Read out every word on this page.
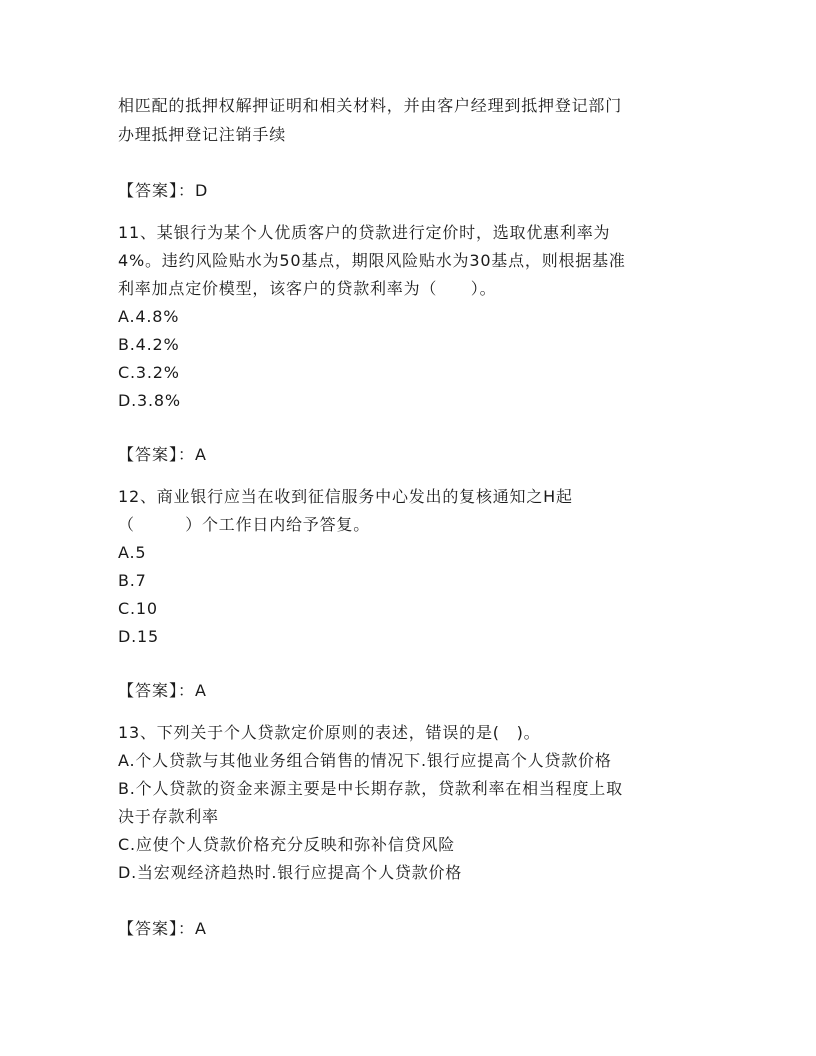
相匹配的抵押权解押证明和相关材料，并由客户经理到抵押登记部门
办理抵押登记注销手续
【答案】：D
11、某银行为某个人优质客户的贷款进行定价时，选取优惠利率为
4%。违约风险贴水为50基点，期限风险贴水为30基点，则根据基准
利率加点定价模型，该客户的贷款利率为（　　）。
A.4.8%
B.4.2%
C.3.2%
D.3.8%
【答案】：A
12、商业银行应当在收到征信服务中心发出的复核通知之H起
（　　　）个工作日内给予答复。
A.5
B.7
C.10
D.15
【答案】：A
13、下列关于个人贷款定价原则的表述，错误的是(　)。
A.个人贷款与其他业务组合销售的情况下.银行应提高个人贷款价格
B.个人贷款的资金来源主要是中长期存款，贷款利率在相当程度上取
决于存款利率
C.应使个人贷款价格充分反映和弥补信贷风险
D.当宏观经济趋热时.银行应提高个人贷款价格
【答案】：A
